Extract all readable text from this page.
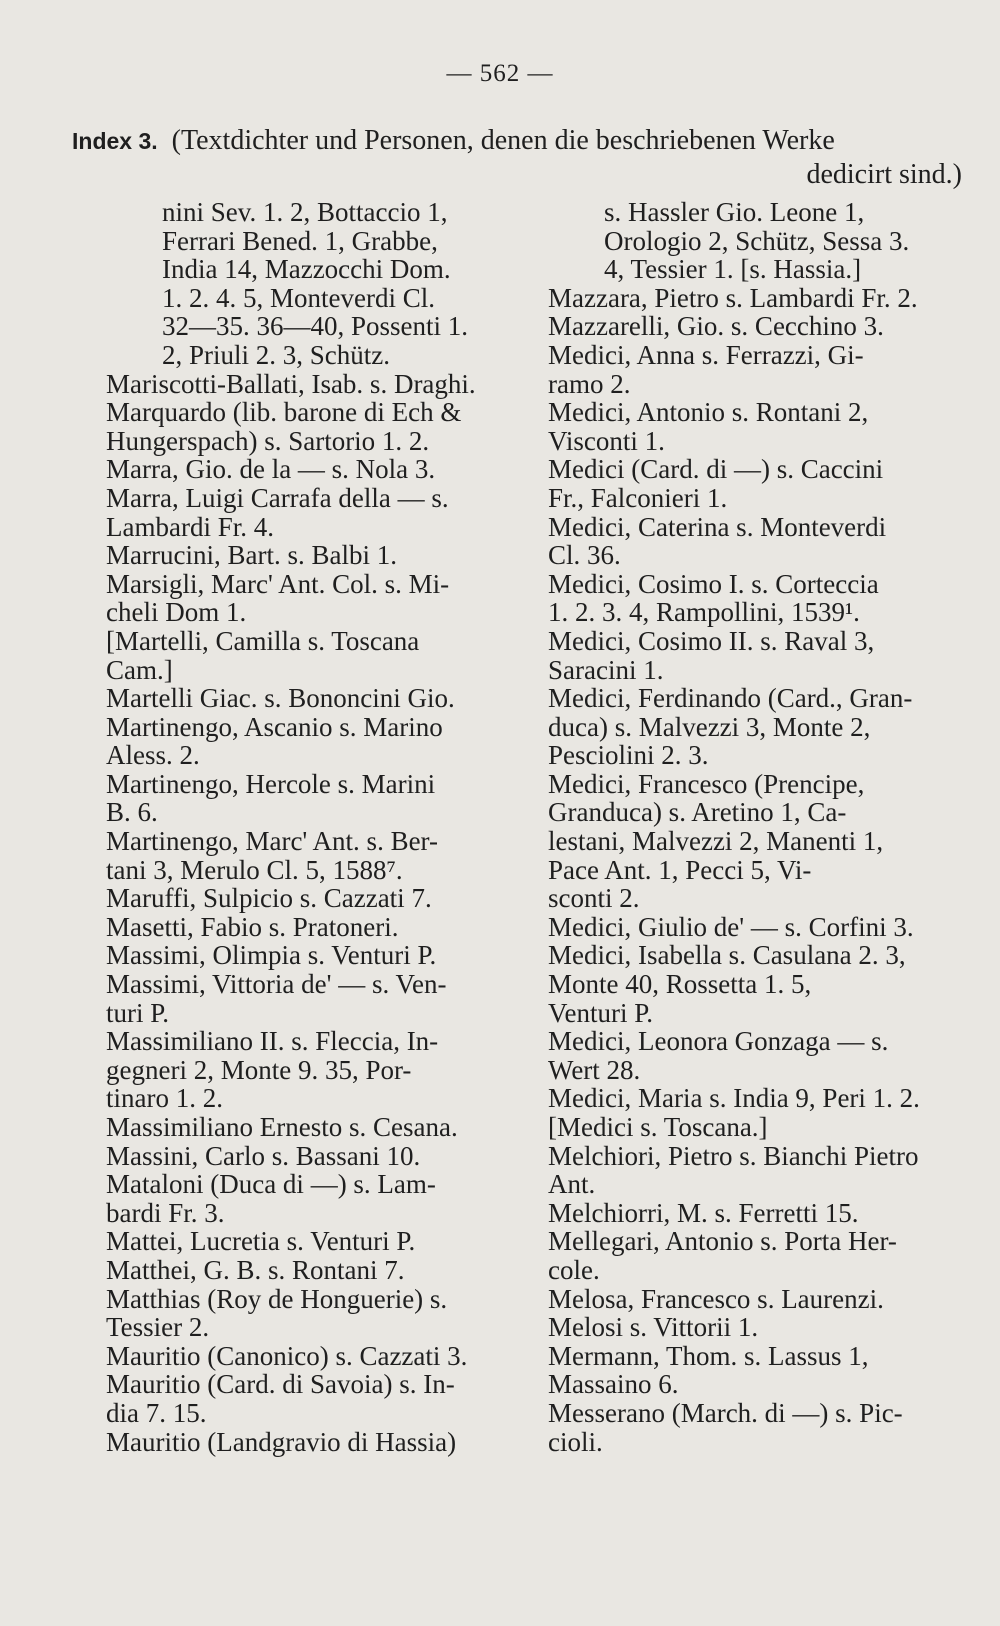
— 562 —
Index 3. (Textdichter und Personen, denen die beschriebenen Werke
dedicirt sind.)
nini Sev. 1. 2, Bottaccio 1,
Ferrari Bened. 1, Grabbe,
India 14, Mazzocchi Dom.
1. 2. 4. 5, Monteverdi Cl.
32—35. 36—40, Possenti 1.
2, Priuli 2. 3, Schütz.
Mariscotti-Ballati, Isab. s. Draghi.
Marquardo (lib. barone di Ech &
Hungerspach) s. Sartorio 1. 2.
Marra, Gio. de la — s. Nola 3.
Marra, Luigi Carrafa della — s.
Lambardi Fr. 4.
Marrucini, Bart. s. Balbi 1.
Marsigli, Marc' Ant. Col. s. Mi-
cheli Dom 1.
[Martelli, Camilla s. Toscana
Cam.]
Martelli Giac. s. Bononcini Gio.
Martinengo, Ascanio s. Marino
Aless. 2.
Martinengo, Hercole s. Marini
B. 6.
Martinengo, Marc' Ant. s. Ber-
tani 3, Merulo Cl. 5, 1588⁷.
Maruffi, Sulpicio s. Cazzati 7.
Masetti, Fabio s. Pratoneri.
Massimi, Olimpia s. Venturi P.
Massimi, Vittoria de' — s. Ven-
turi P.
Massimiliano II. s. Fleccia, In-
gegneri 2, Monte 9. 35, Por-
tinaro 1. 2.
Massimiliano Ernesto s. Cesana.
Massini, Carlo s. Bassani 10.
Mataloni (Duca di —) s. Lam-
bardi Fr. 3.
Mattei, Lucretia s. Venturi P.
Matthei, G. B. s. Rontani 7.
Matthias (Roy de Honguerie) s.
Tessier 2.
Mauritio (Canonico) s. Cazzati 3.
Mauritio (Card. di Savoia) s. In-
dia 7. 15.
Mauritio (Landgravio di Hassia)
s. Hassler Gio. Leone 1,
Orologio 2, Schütz, Sessa 3.
4, Tessier 1. [s. Hassia.]
Mazzara, Pietro s. Lambardi Fr. 2.
Mazzarelli, Gio. s. Cecchino 3.
Medici, Anna s. Ferrazzi, Gi-
ramo 2.
Medici, Antonio s. Rontani 2,
Visconti 1.
Medici (Card. di —) s. Caccini
Fr., Falconieri 1.
Medici, Caterina s. Monteverdi
Cl. 36.
Medici, Cosimo I. s. Corteccia
1. 2. 3. 4, Rampollini, 1539¹.
Medici, Cosimo II. s. Raval 3,
Saracini 1.
Medici, Ferdinando (Card., Gran-
duca) s. Malvezzi 3, Monte 2,
Pesciolini 2. 3.
Medici, Francesco (Prencipe,
Granduca) s. Aretino 1, Ca-
lestani, Malvezzi 2, Manenti 1,
Pace Ant. 1, Pecci 5, Vi-
sconti 2.
Medici, Giulio de' — s. Corfini 3.
Medici, Isabella s. Casulana 2. 3,
Monte 40, Rossetta 1. 5,
Venturi P.
Medici, Leonora Gonzaga — s.
Wert 28.
Medici, Maria s. India 9, Peri 1. 2.
[Medici s. Toscana.]
Melchiori, Pietro s. Bianchi Pietro
Ant.
Melchiorri, M. s. Ferretti 15.
Mellegari, Antonio s. Porta Her-
cole.
Melosa, Francesco s. Laurenzi.
Melosi s. Vittorii 1.
Mermann, Thom. s. Lassus 1,
Massaino 6.
Messerano (March. di —) s. Pic-
cioli.
